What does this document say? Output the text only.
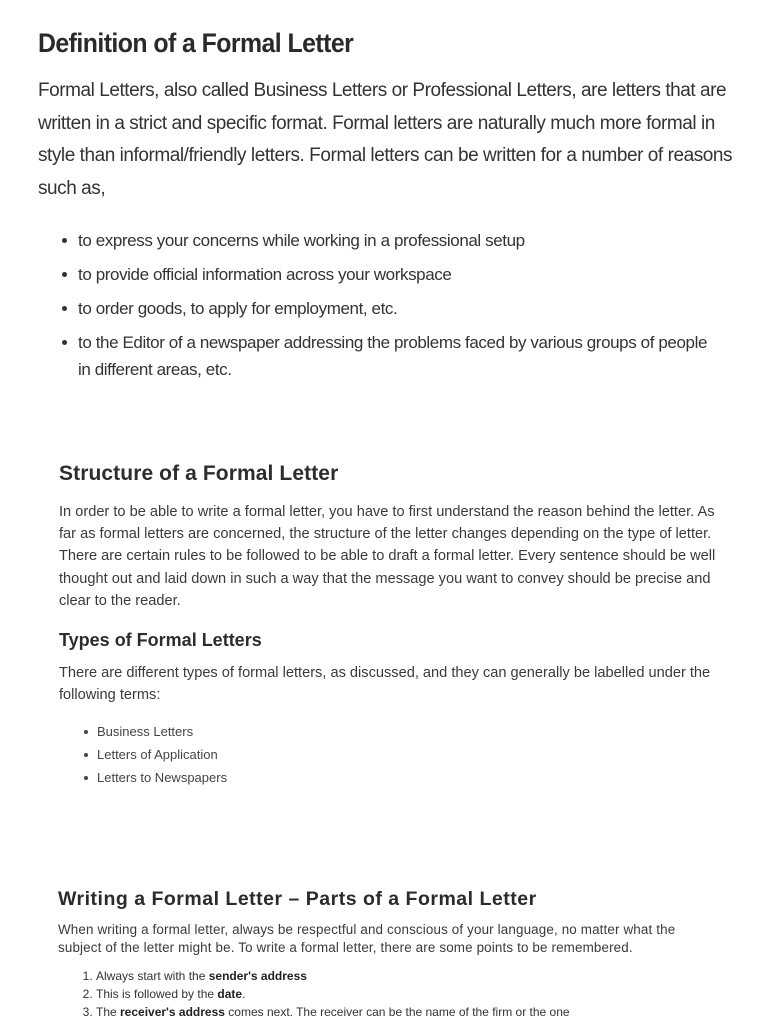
Definition of a Formal Letter

Formal Letters, also called Business Letters or Professional Letters, are letters that are written in a strict and specific format. Formal letters are naturally much more formal in style than informal/friendly letters. Formal letters can be written for a number of reasons such as,

to express your concerns while working in a professional setup
to provide official information across your workspace
to order goods, to apply for employment, etc.
to the Editor of a newspaper addressing the problems faced by various groups of people in different areas, etc.
Structure of a Formal Letter

In order to be able to write a formal letter, you have to first understand the reason behind the letter. As far as formal letters are concerned, the structure of the letter changes depending on the type of letter. There are certain rules to be followed to be able to draft a formal letter. Every sentence should be well thought out and laid down in such a way that the message you want to convey should be precise and clear to the reader.

Types of Formal Letters

There are different types of formal letters, as discussed, and they can generally be labelled under the following terms:

Business Letters
Letters of Application
Letters to Newspapers
Writing a Formal Letter – Parts of a Formal Letter

When writing a formal letter, always be respectful and conscious of your language, no matter what the subject of the letter might be. To write a formal letter, there are some points to be remembered.

1. Always start with the sender's address
2. This is followed by the date.
3. The receiver's address comes next. The receiver can be the name of the firm or the one
